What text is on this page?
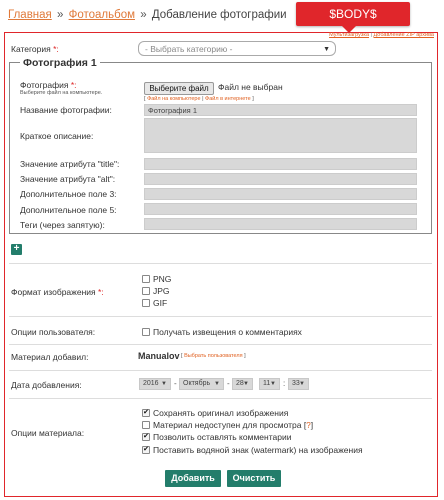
Главная » Фотоальбом » Добавление фотографии	$BODY$
Мультизагрузка | Добавление ZIP архива
Категория *:	- Выбрать категорию -	▼
Фотография 1
Фотография *:
Выберите файл на компьютере.	Выберите файл	Файл не выбран
[ Файл на компьютере | Файл в интернете ]
Название фотографии:	Фотография 1
Краткое описание:
Значение атрибута "title":
Значение атрибута "alt":
Дополнительное поле 3:
Дополнительное поле 5:
Теги (через запятую):
+
Формат изображения *:
PNG
JPG
GIF
Опции пользователя:	Получать извещения о комментариях
Материал добавил:	Manualov [ Выбрать пользователя ]
Дата добавления:	2016 ▼ - Октябрь ▼ - 28 ▼	11 ▼ : 33 ▼
Опции материала:
✔ Сохранять оригинал изображения
Материал недоступен для просмотра [?]
✔ Позволить оставлять комментарии
✔ Поставить водяной знак (watermark) на изображения
Добавить	Очистить
